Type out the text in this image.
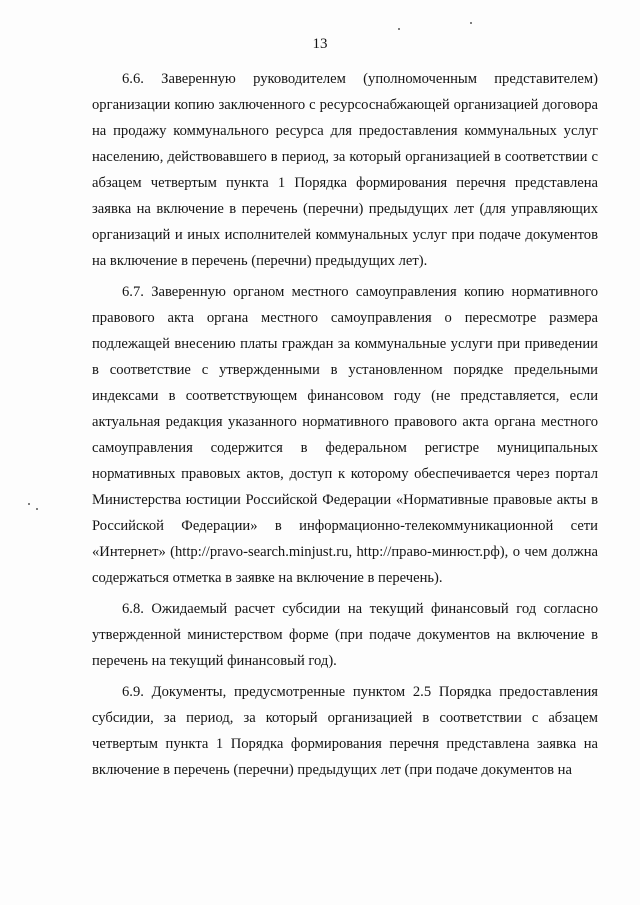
13

6.6. Заверенную руководителем (уполномоченным представителем) организации копию заключенного с ресурсоснабжающей организацией договора на продажу коммунального ресурса для предоставления коммунальных услуг населению, действовавшего в период, за который организацией в соответствии с абзацем четвертым пункта 1 Порядка формирования перечня представлена заявка на включение в перечень (перечни) предыдущих лет (для управляющих организаций и иных исполнителей коммунальных услуг при подаче документов на включение в перечень (перечни) предыдущих лет).

6.7. Заверенную органом местного самоуправления копию нормативного правового акта органа местного самоуправления о пересмотре размера подлежащей внесению платы граждан за коммунальные услуги при приведении в соответствие с утвержденными в установленном порядке предельными индексами в соответствующем финансовом году (не представляется, если актуальная редакция указанного нормативного правового акта органа местного самоуправления содержится в федеральном регистре муниципальных нормативных правовых актов, доступ к которому обеспечивается через портал Министерства юстиции Российской Федерации «Нормативные правовые акты в Российской Федерации» в информационно-телекоммуникационной сети «Интернет» (http://pravo-search.minjust.ru, http://право-минюст.рф), о чем должна содержаться отметка в заявке на включение в перечень).

6.8. Ожидаемый расчет субсидии на текущий финансовый год согласно утвержденной министерством форме (при подаче документов на включение в перечень на текущий финансовый год).

6.9. Документы, предусмотренные пунктом 2.5 Порядка предоставления субсидии, за период, за который организацией в соответствии с абзацем четвертым пункта 1 Порядка формирования перечня представлена заявка на включение в перечень (перечни) предыдущих лет (при подаче документов на
